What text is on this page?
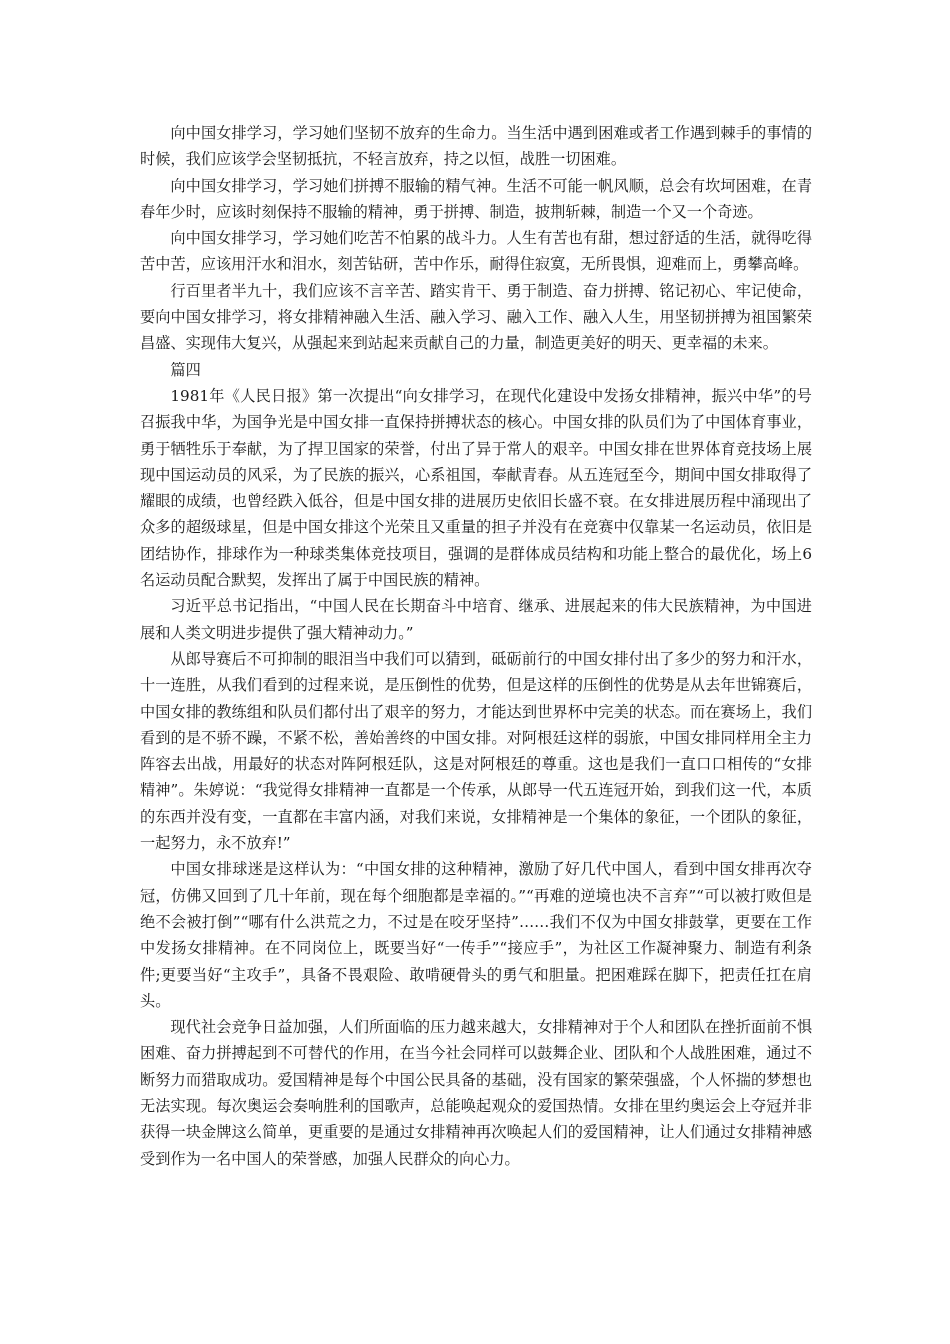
向中国女排学习，学习她们坚韧不放弃的生命力。当生活中遇到困难或者工作遇到棘手的事情的时候，我们应该学会坚韧抵抗，不轻言放弃，持之以恒，战胜一切困难。

向中国女排学习，学习她们拼搏不服输的精气神。生活不可能一帆风顺，总会有坎坷困难，在青春年少时，应该时刻保持不服输的精神，勇于拼搏、制造，披荆斩棘，制造一个又一个奇迹。

向中国女排学习，学习她们吃苦不怕累的战斗力。人生有苦也有甜，想过舒适的生活，就得吃得苦中苦，应该用汗水和泪水，刻苦钻研，苦中作乐，耐得住寂寞，无所畏惧，迎难而上，勇攀高峰。

行百里者半九十，我们应该不言辛苦、踏实肯干、勇于制造、奋力拼搏、铭记初心、牢记使命，要向中国女排学习，将女排精神融入生活、融入学习、融入工作、融入人生，用坚韧拼搏为祖国繁荣昌盛、实现伟大复兴，从强起来到站起来贡献自己的力量，制造更美好的明天、更幸福的未来。

篇四

1981年《人民日报》第一次提出“向女排学习，在现代化建设中发扬女排精神，振兴中华”的号召振我中华，为国争光是中国女排一直保持拼搏状态的核心。中国女排的队员们为了中国体育事业，勇于牺牲乐于奉献，为了捍卫国家的荣誉，付出了异于常人的艰辛。中国女排在世界体育竞技场上展现中国运动员的风采，为了民族的振兴，心系祖国，奉献青春。从五连冠至今，期间中国女排取得了耀眼的成绩，也曾经跌入低谷，但是中国女排的进展历史依旧长盛不衰。在女排进展历程中涌现出了众多的超级球星，但是中国女排这个光荣且又重量的担子并没有在竞赛中仅靠某一名运动员，依旧是团结协作，排球作为一种球类集体竞技项目，强调的是群体成员结构和功能上整合的最优化，场上6名运动员配合默契，发挥出了属于中国民族的精神。

习近平总书记指出，“中国人民在长期奋斗中培育、继承、进展起来的伟大民族精神，为中国进展和人类文明进步提供了强大精神动力。”

从郎导赛后不可抑制的眼泪当中我们可以猜到，砥砺前行的中国女排付出了多少的努力和汗水，十一连胜，从我们看到的过程来说，是压倒性的优势，但是这样的压倒性的优势是从去年世锦赛后，中国女排的教练组和队员们都付出了艰辛的努力，才能达到世界杯中完美的状态。而在赛场上，我们看到的是不骄不躁，不紧不松，善始善终的中国女排。对阿根廷这样的弱旅，中国女排同样用全主力阵容去出战，用最好的状态对阵阿根廷队，这是对阿根廷的尊重。这也是我们一直口口相传的“女排精神”。朱婷说：“我觉得女排精神一直都是一个传承，从郎导一代五连冠开始，到我们这一代，本质的东西并没有变，一直都在丰富内涵，对我们来说，女排精神是一个集体的象征，一个团队的象征，一起努力，永不放弃!”

中国女排球迷是这样认为：“中国女排的这种精神，激励了好几代中国人，看到中国女排再次夺冠，仿佛又回到了几十年前，现在每个细胞都是幸福的。”“再难的逆境也决不言弃”“可以被打败但是绝不会被打倒”“哪有什么洪荒之力，不过是在咬牙坚持”……我们不仅为中国女排鼓掌，更要在工作中发扬女排精神。在不同岗位上，既要当好“一传手”“接应手”，为社区工作凝神聚力、制造有利条件;更要当好“主攻手”，具备不畏艰险、敢啃硬骨头的勇气和胆量。把困难踩在脚下，把责任扛在肩头。

现代社会竞争日益加强，人们所面临的压力越来越大，女排精神对于个人和团队在挫折面前不惧困难、奋力拼搏起到不可替代的作用，在当今社会同样可以鼓舞企业、团队和个人战胜困难，通过不断努力而猎取成功。爱国精神是每个中国公民具备的基础，没有国家的繁荣强盛，个人怀揣的梦想也无法实现。每次奥运会奏响胜利的国歌声，总能唤起观众的爱国热情。女排在里约奥运会上夺冠并非获得一块金牌这么简单，更重要的是通过女排精神再次唤起人们的爱国精神，让人们通过女排精神感受到作为一名中国人的荣誉感，加强人民群众的向心力。
